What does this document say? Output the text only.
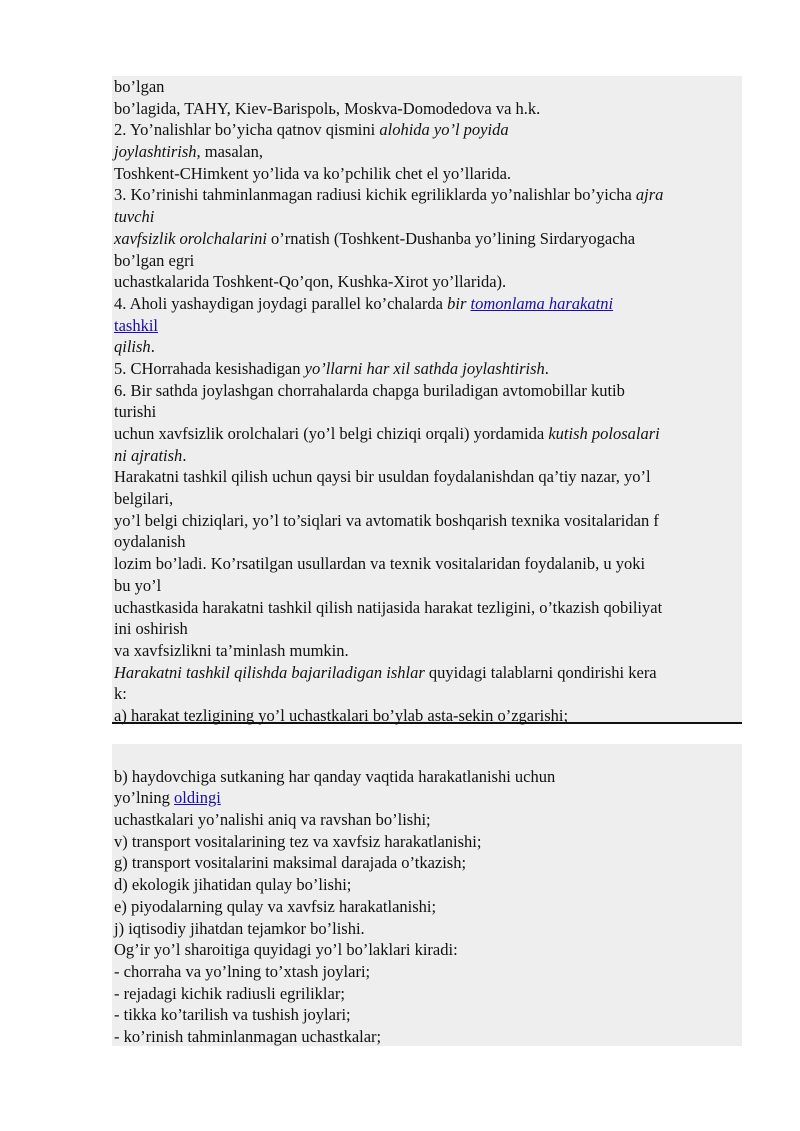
bo’lgan
bo’lagida, TAHY, Kiev-Barispolь, Moskva-Domodedova va h.k.
2. Yo’nalishlar bo’yicha qatnov qismini alohida yo’l poyida
joylashtirish, masalan,
Toshkent-CHimkent yo’lida va ko’pchilik chet el yo’llarida.
3. Ko’rinishi tahminlanmagan radiusi kichik egriliklarda yo’nalishlar bo’yicha ajra
tuvchi
xavfsizlik orolchalarini o’rnatish (Toshkent-Dushanba yo’lining Sirdaryogacha
bo’lgan egri
uchastkalarida Toshkent-Qo’qon, Kushka-Xirot yo’llarida).
4. Aholi yashaydigan joydagi parallel ko’chalarda bir tomonlama harakatni
tashkil
qilish.
5. CHorrahada kesishadigan yo’llarni har xil sathda joylashtirish.
6. Bir sathda joylashgan chorrahalarda chapga buriladigan avtomobillar kutib
turishi
uchun xavfsizlik orolchalari (yo’l belgi chiziqi orqali) yordamida kutish polosalari
ni ajratish.
Harakatni tashkil qilish uchun qaysi bir usuldan foydalanishdan qa’tiy nazar, yo’l
belgilari,
yo’l belgi chiziqlari, yo’l to’siqlari va avtomatik boshqarish texnika vositalaridan f
oydalanish
lozim bo’ladi. Ko’rsatilgan usullardan va texnik vositalaridan foydalanib, u yoki
bu yo’l
uchastkasida harakatni tashkil qilish natijasida harakat tezligini, o’tkazish qobiliyat
ini oshirish
va xavfsizlikni ta’minlash mumkin.
Harakatni tashkil qilishda bajariladigan ishlar quyidagi talablarni qondirishi kera
k:
a) harakat tezligining yo’l uchastkalari bo’ylab asta-sekin o’zgarishi;
b) haydovchiga sutkaning har qanday vaqtida harakatlanishi uchun
yo’lning oldingi
uchastkalari yo’nalishi aniq va ravshan bo’lishi;
v) transport vositalarining tez va xavfsiz harakatlanishi;
g) transport vositalarini maksimal darajada o’tkazish;
d) ekologik jihatidan qulay bo’lishi;
e) piyodalarning qulay va xavfsiz harakatlanishi;
j) iqtisodiy jihatdan tejamkor bo’lishi.
Og’ir yo’l sharoitiga quyidagi yo’l bo’laklari kiradi:
- chorraha va yo’lning to’xtash joylari;
- rejadagi kichik radiusli egriliklar;
- tikka ko’tarilish va tushish joylari;
- ko’rinish tahminlanmagan uchastkalar;
